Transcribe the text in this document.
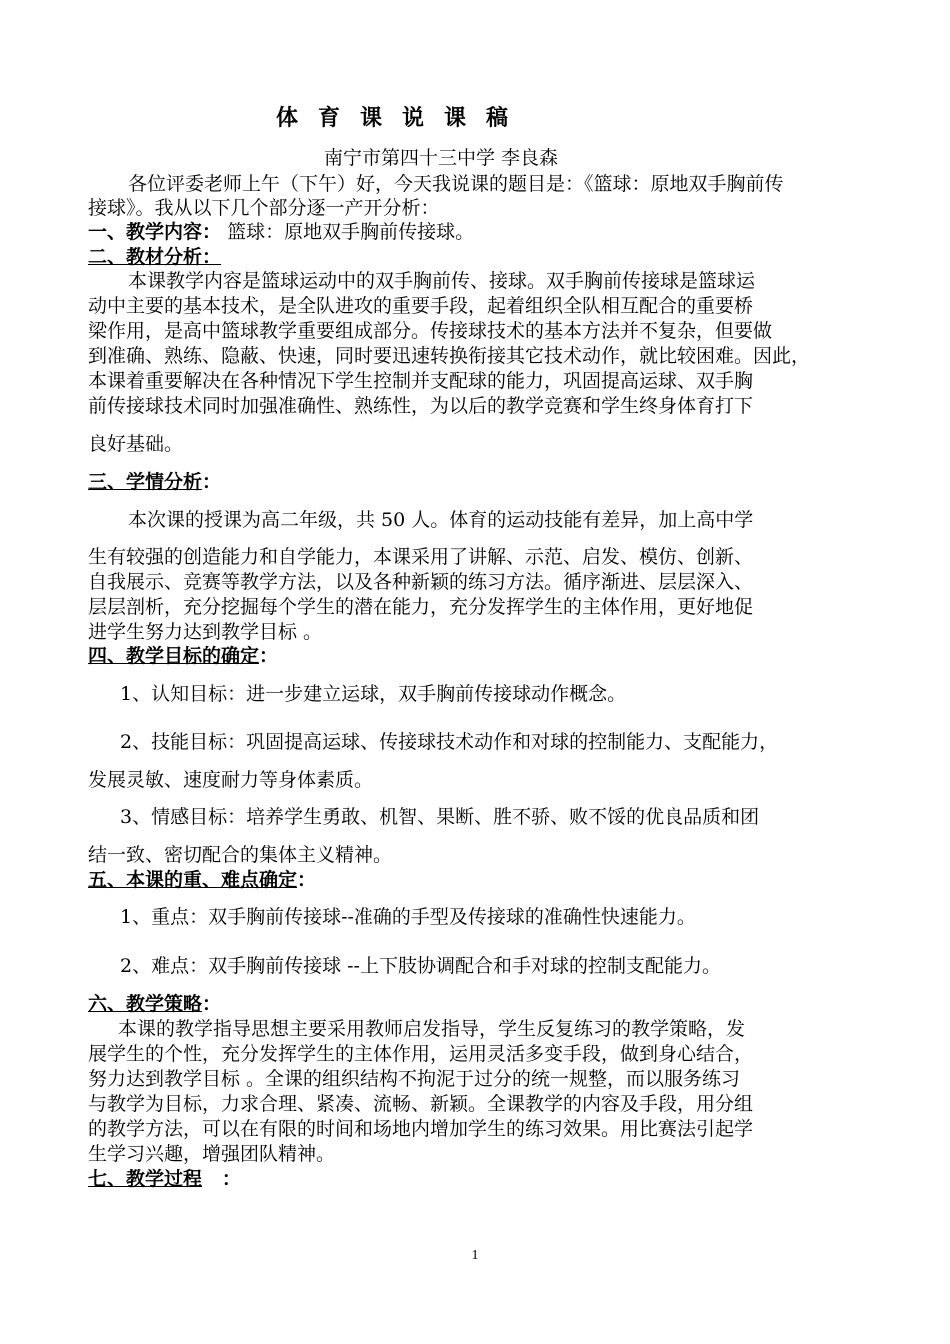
体育课说课稿
南宁市第四十三中学 李良森
各位评委老师上午（下午）好，今天我说课的题目是：《篮球：原地双手胸前传
接球》。我从以下几个部分逐一产开分析：
一、教学内容： 篮球：原地双手胸前传接球。
二、教材分析：
本课教学内容是篮球运动中的双手胸前传、接球。双手胸前传接球是篮球运
动中主要的基本技术，是全队进攻的重要手段，起着组织全队相互配合的重要桥
梁作用，是高中篮球教学重要组成部分。传接球技术的基本方法并不复杂，但要做
到准确、熟练、隐蔽、快速，同时要迅速转换衔接其它技术动作，就比较困难。因此，
本课着重要解决在各种情况下学生控制并支配球的能力，巩固提高运球、双手胸
前传接球技术同时加强准确性、熟练性，为以后的教学竞赛和学生终身体育打下
良好基础。
三、学情分析：
本次课的授课为高二年级，共 50 人。体育的运动技能有差异，加上高中学
生有较强的创造能力和自学能力，本课采用了讲解、示范、启发、模仿、创新、
自我展示、竞赛等教学方法，以及各种新颖的练习方法。循序渐进、层层深入、
层层剖析，充分挖掘每个学生的潜在能力，充分发挥学生的主体作用，更好地促
进学生努力达到教学目标 。
四、教学目标的确定：
1、认知目标：进一步建立运球，双手胸前传接球动作概念。
2、技能目标：巩固提高运球、传接球技术动作和对球的控制能力、支配能力，
发展灵敏、速度耐力等身体素质。
3、情感目标：培养学生勇敢、机智、果断、胜不骄、败不馁的优良品质和团
结一致、密切配合的集体主义精神。
五、本课的重、难点确定：
1、重点：双手胸前传接球--准确的手型及传接球的准确性快速能力。
2、难点：双手胸前传接球 --上下肢协调配合和手对球的控制支配能力。
六、教学策略：
本课的教学指导思想主要采用教师启发指导，学生反复练习的教学策略，发
展学生的个性，充分发挥学生的主体作用，运用灵活多变手段，做到身心结合，
努力达到教学目标 。全课的组织结构不拘泥于过分的统一规整，而以服务练习
与教学为目标，力求合理、紧凑、流畅、新颖。全课教学的内容及手段，用分组
的教学方法，可以在有限的时间和场地内增加学生的练习效果。用比赛法引起学
生学习兴趣，增强团队精神。
七、教学过程   ：
1
